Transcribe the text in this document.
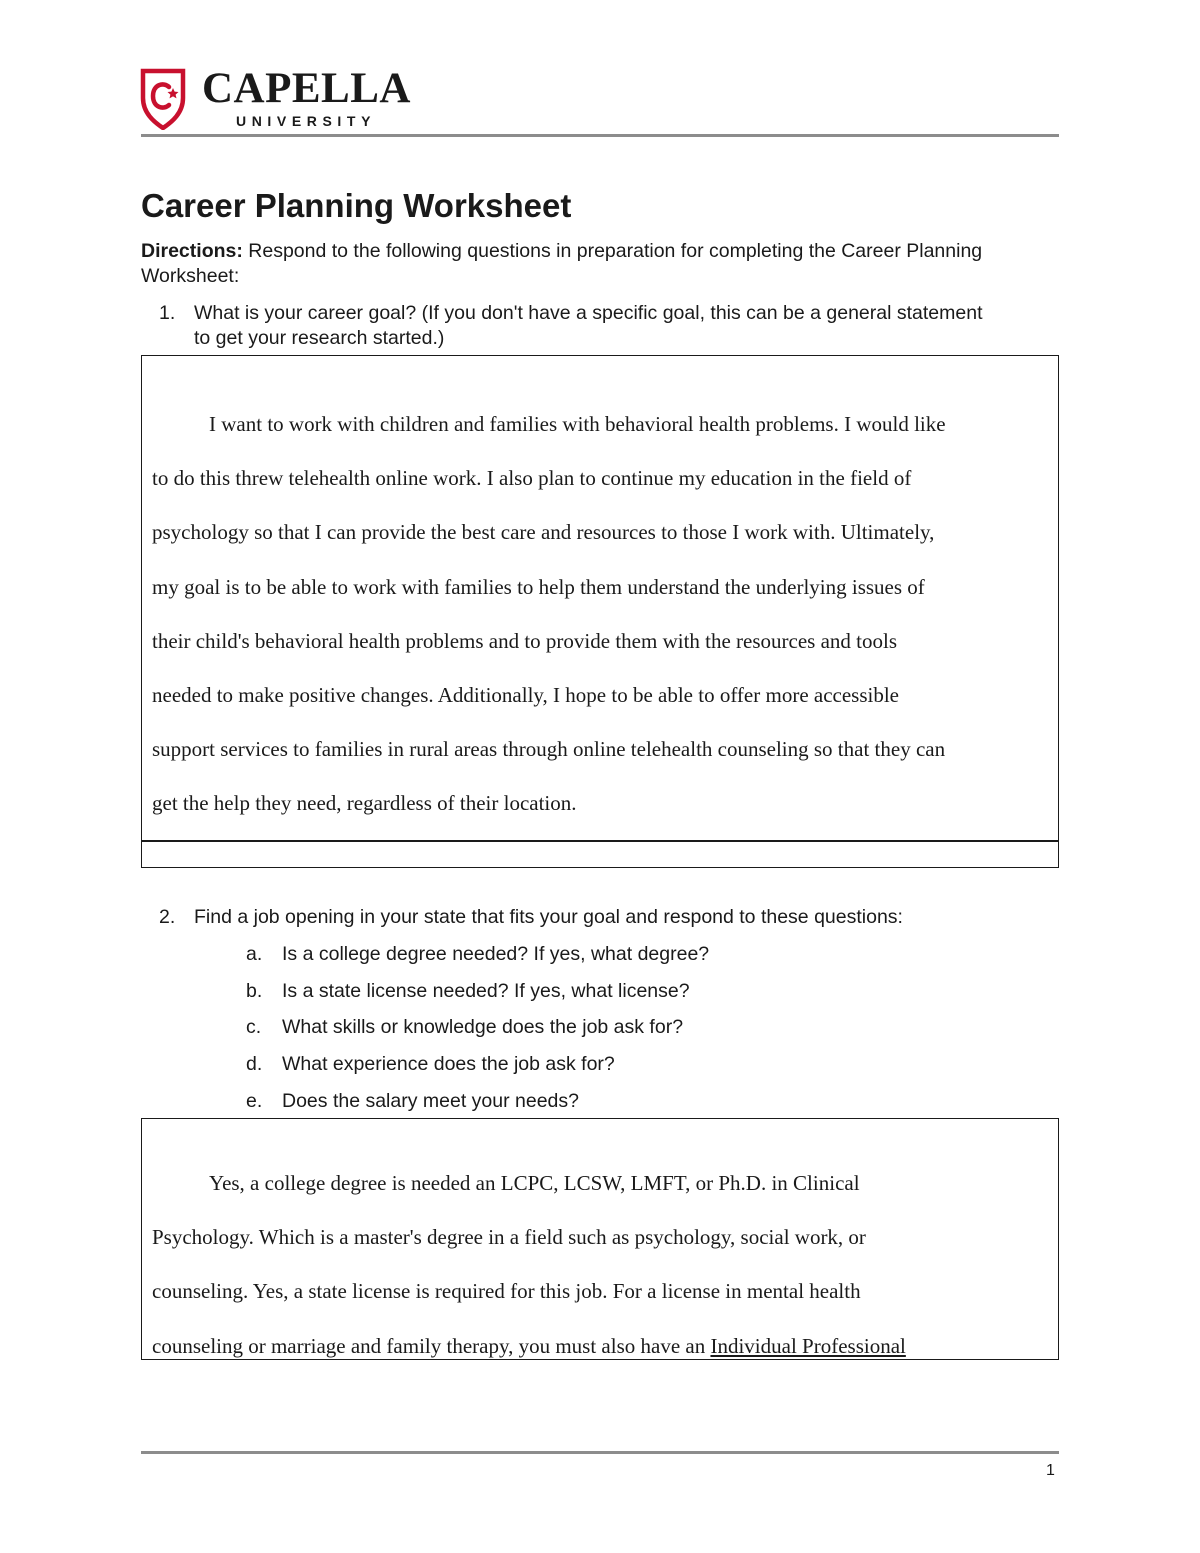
CAPELLA
UNIVERSITY
Career Planning Worksheet
Directions: Respond to the following questions in preparation for completing the Career Planning Worksheet:
1. What is your career goal? (If you don't have a specific goal, this can be a general statement to get your research started.)
I want to work with children and families with behavioral health problems. I would like
to do this threw telehealth online work. I also plan to continue my education in the field of
psychology so that I can provide the best care and resources to those I work with. Ultimately,
my goal is to be able to work with families to help them understand the underlying issues of
their child's behavioral health problems and to provide them with the resources and tools
needed to make positive changes. Additionally, I hope to be able to offer more accessible
support services to families in rural areas through online telehealth counseling so that they can
get the help they need, regardless of their location.
2. Find a job opening in your state that fits your goal and respond to these questions:
a. Is a college degree needed? If yes, what degree?
b. Is a state license needed? If yes, what license?
c. What skills or knowledge does the job ask for?
d. What experience does the job ask for?
e. Does the salary meet your needs?
Yes, a college degree is needed an LCPC, LCSW, LMFT, or Ph.D. in Clinical
Psychology. Which is a master's degree in a field such as psychology, social work, or
counseling. Yes, a state license is required for this job. For a license in mental health
counseling or marriage and family therapy, you must also have an Individual Professional
1
